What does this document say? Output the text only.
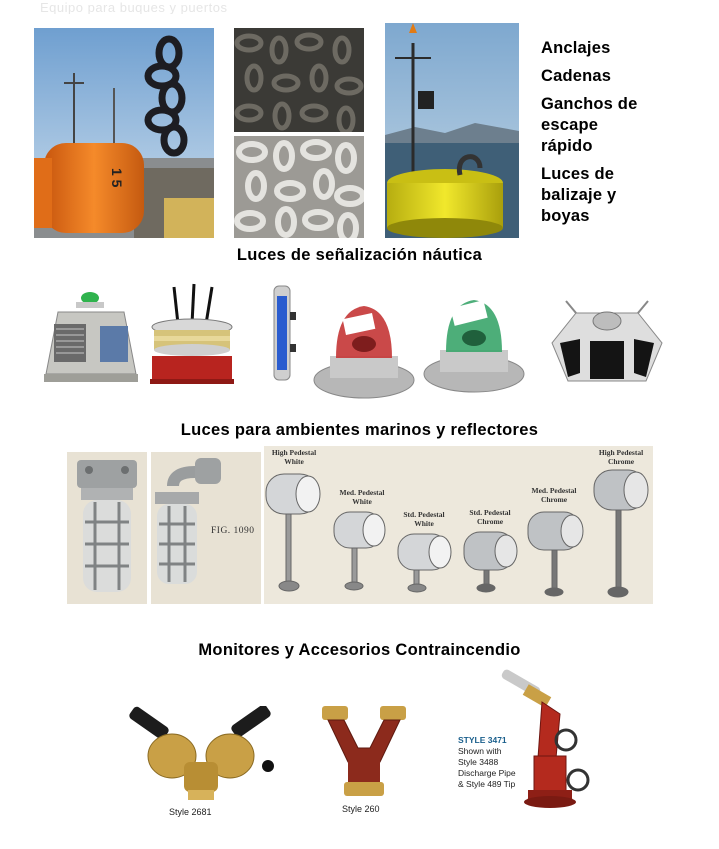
Equipo para buques y puertos
1 5
Anclajes
Cadenas
Ganchos de
escape
rápido
Luces de
balizaje y
boyas
Luces de señalización náutica
Luces para ambientes marinos y reflectores
FIG. 1090
High Pedestal
White
Med. Pedestal
White
Std. Pedestal
White
Std. Pedestal
Chrome
Med. Pedestal
Chrome
High Pedestal
Chrome
Monitores y Accesorios Contraincendio
Style 2681	Style 260
STYLE 3471
Shown with
Style 3488
Discharge Pipe
& Style 489 Tip
